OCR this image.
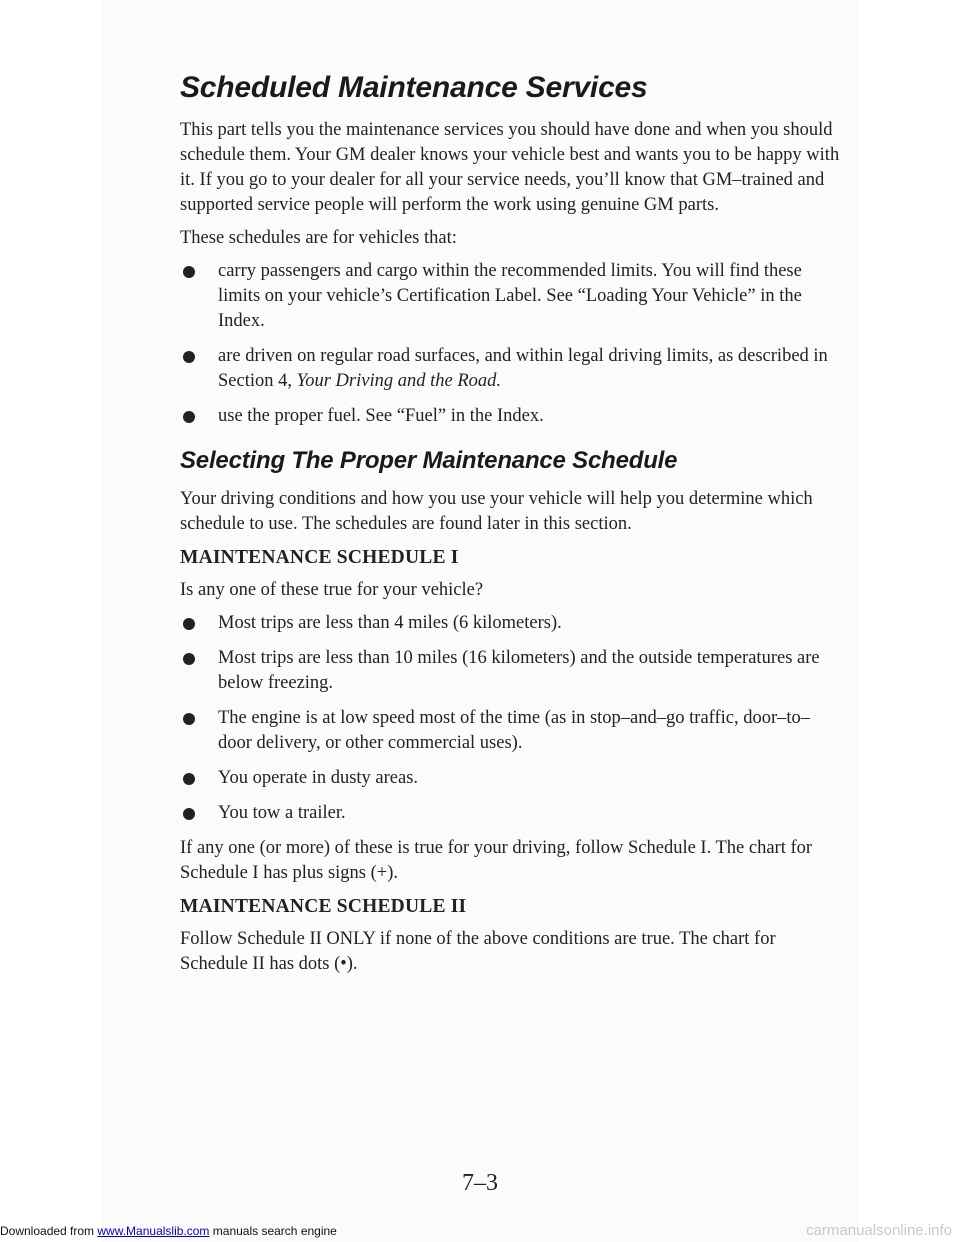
Scheduled Maintenance Services

This part tells you the maintenance services you should have done and when you should schedule them. Your GM dealer knows your vehicle best and wants you to be happy with it. If you go to your dealer for all your service needs, you’ll know that GM–trained and supported service people will perform the work using genuine GM parts.

These schedules are for vehicles that:

carry passengers and cargo within the recommended limits. You will find these limits on your vehicle’s Certification Label. See “Loading Your Vehicle” in the Index.
are driven on regular road surfaces, and within legal driving limits, as described in Section 4, Your Driving and the Road.
use the proper fuel. See “Fuel” in the Index.
Selecting The Proper Maintenance Schedule

Your driving conditions and how you use your vehicle will help you determine which schedule to use. The schedules are found later in this section.

MAINTENANCE SCHEDULE I

Is any one of these true for your vehicle?

Most trips are less than 4 miles (6 kilometers).
Most trips are less than 10 miles (16 kilometers) and the outside temperatures are below freezing.
The engine is at low speed most of the time (as in stop–and–go traffic, door–to–door delivery, or other commercial uses).
You operate in dusty areas.
You tow a trailer.

If any one (or more) of these is true for your driving, follow Schedule I. The chart for Schedule I has plus signs (+).

MAINTENANCE SCHEDULE II

Follow Schedule II ONLY if none of the above conditions are true. The chart for Schedule II has dots (•).

7–3
Downloaded from www.Manualslib.com manuals search engine	carmanualsonline.info
